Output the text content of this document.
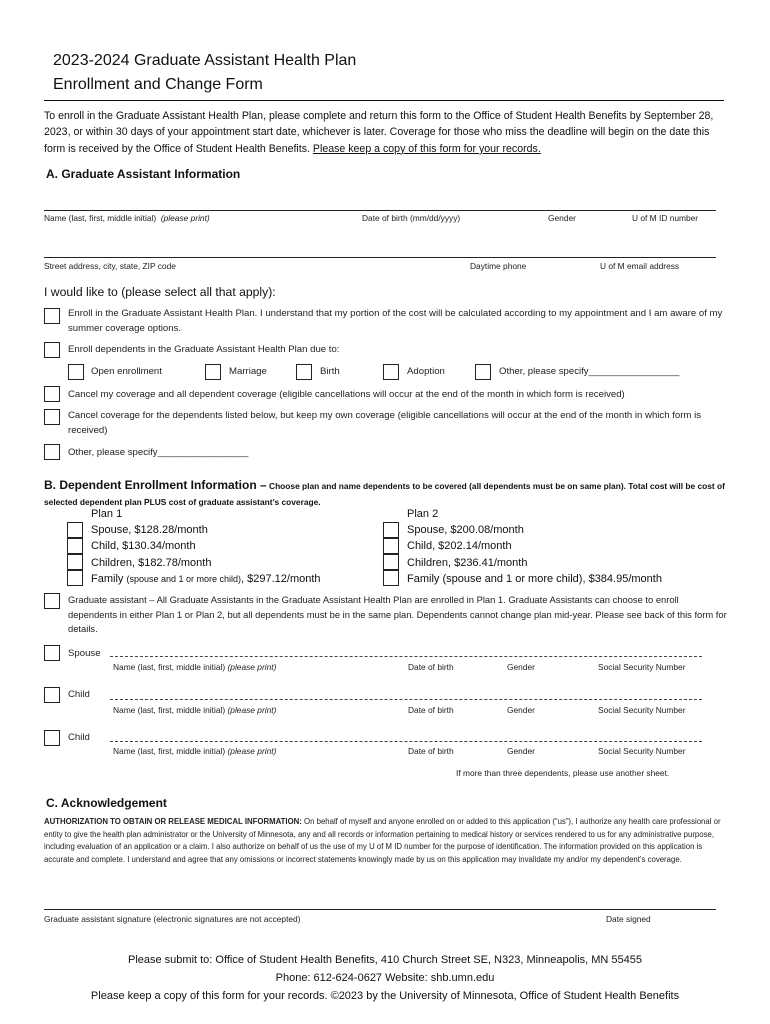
2023-2024 Graduate Assistant Health Plan
Enrollment and Change Form
To enroll in the Graduate Assistant Health Plan, please complete and return this form to the Office of Student Health Benefits by September 28, 2023, or within 30 days of your appointment start date, whichever is later. Coverage for those who miss the deadline will begin on the date this form is received by the Office of Student Health Benefits. Please keep a copy of this form for your records.
A. Graduate Assistant Information
Name (last, first, middle initial) (please print)	Date of birth (mm/dd/yyyy)	Gender	U of M ID number
Street address, city, state, ZIP code	Daytime phone	U of M email address
I would like to (please select all that apply):
Enroll in the Graduate Assistant Health Plan. I understand that my portion of the cost will be calculated according to my appointment and I am aware of my summer coverage options.
Enroll dependents in the Graduate Assistant Health Plan due to:
Open enrollment	Marriage	Birth	Adoption	Other, please specify_________________
Cancel my coverage and all dependent coverage (eligible cancellations will occur at the end of the month in which form is received)
Cancel coverage for the dependents listed below, but keep my own coverage (eligible cancellations will occur at the end of the month in which form is received)
Other, please specify_________________
B. Dependent Enrollment Information – Choose plan and name dependents to be covered (all dependents must be on same plan). Total cost will be cost of selected dependent plan PLUS cost of graduate assistant’s coverage.
Plan 1
Spouse, $128.28/month
Child, $130.34/month
Children, $182.78/month
Family (spouse and 1 or more child), $297.12/month
Plan 2
Spouse, $200.08/month
Child, $202.14/month
Children, $236.41/month
Family (spouse and 1 or more child), $384.95/month
Graduate assistant – All Graduate Assistants in the Graduate Assistant Health Plan are enrolled in Plan 1. Graduate Assistants can choose to enroll dependents in either Plan 1 or Plan 2, but all dependents must be in the same plan. Dependents cannot change plan mid-year. Please see back of this form for details.
Spouse
Name (last, first, middle initial) (please print)	Date of birth	Gender	Social Security Number
Child
Name (last, first, middle initial) (please print)	Date of birth	Gender	Social Security Number
Child
Name (last, first, middle initial) (please print)	Date of birth	Gender	Social Security Number
If more than three dependents, please use another sheet.
C. Acknowledgement
AUTHORIZATION TO OBTAIN OR RELEASE MEDICAL INFORMATION: On behalf of myself and anyone enrolled on or added to this application (“us”), I authorize any health care professional or entity to give the health plan administrator or the University of Minnesota, any and all records or information pertaining to medical history or services rendered to us for any administrative purpose, including evaluation of an application or a claim. I also authorize on behalf of us the use of my U of M ID number for the purpose of identification. The information provided on this application is accurate and complete. I understand and agree that any omissions or incorrect statements knowingly made by us on this application may invalidate my and/or my dependent’s coverage.
Graduate assistant signature (electronic signatures are not accepted)	Date signed
Please submit to: Office of Student Health Benefits, 410 Church Street SE, N323, Minneapolis, MN 55455
Phone: 612-624-0627 Website: shb.umn.edu
Please keep a copy of this form for your records. ©2023 by the University of Minnesota, Office of Student Health Benefits
